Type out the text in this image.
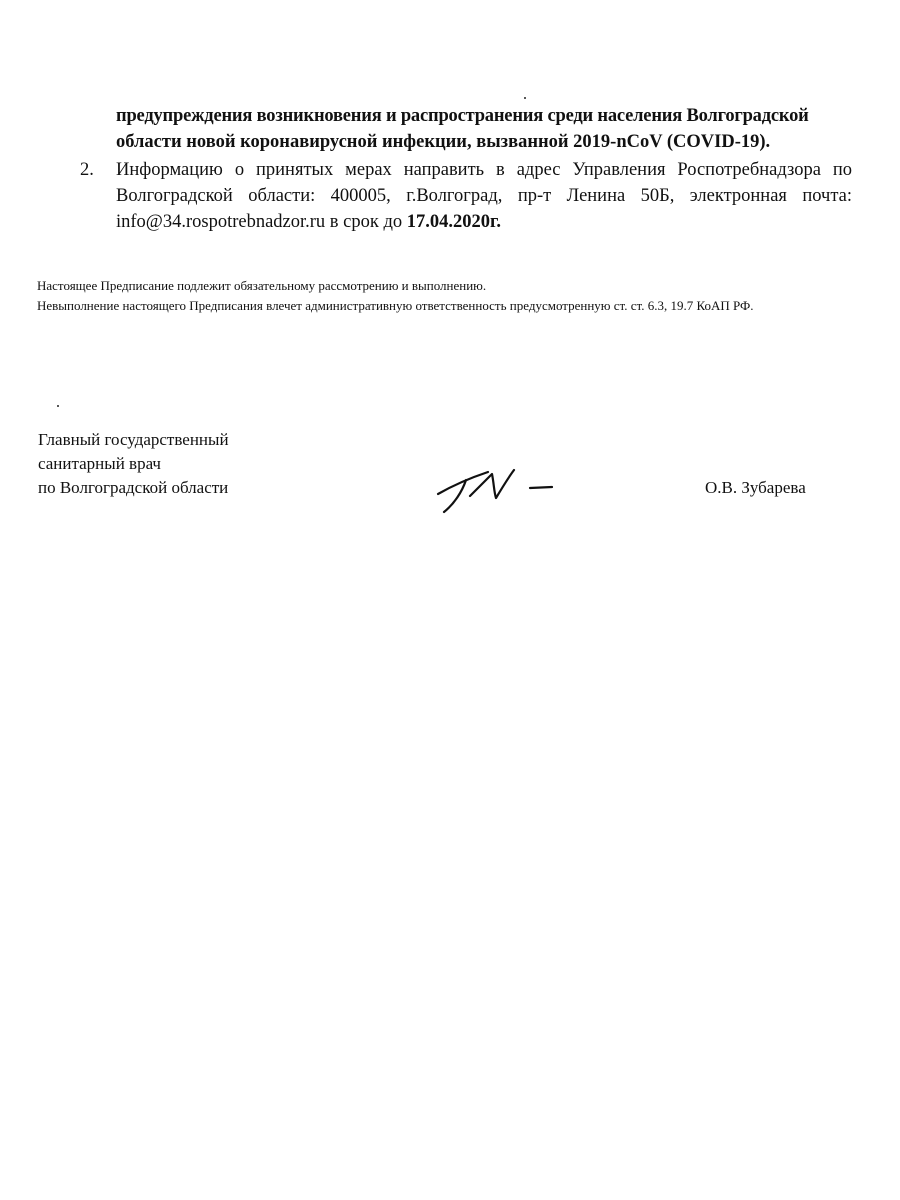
предупреждения возникновения и распространения среди населения Волгоградской
области новой коронавирусной инфекции, вызванной 2019-nCoV (COVID-19).
2.	Информацию о принятых мерах направить в адрес Управления Роспотребнадзора по Волгоградской области: 400005, г.Волгоград, пр-т Ленина 50Б, электронная почта: info@34.rospotrebnadzor.ru в срок до 17.04.2020г.

Настоящее Предписание подлежит обязательному рассмотрению и выполнению.

Невыполнение настоящего Предписания влечет административную ответственность предусмотренную ст. ст. 6.3, 19.7 КоАП РФ.

Главный государственный
санитарный врач
по Волгоградской области	О.В. Зубарева
